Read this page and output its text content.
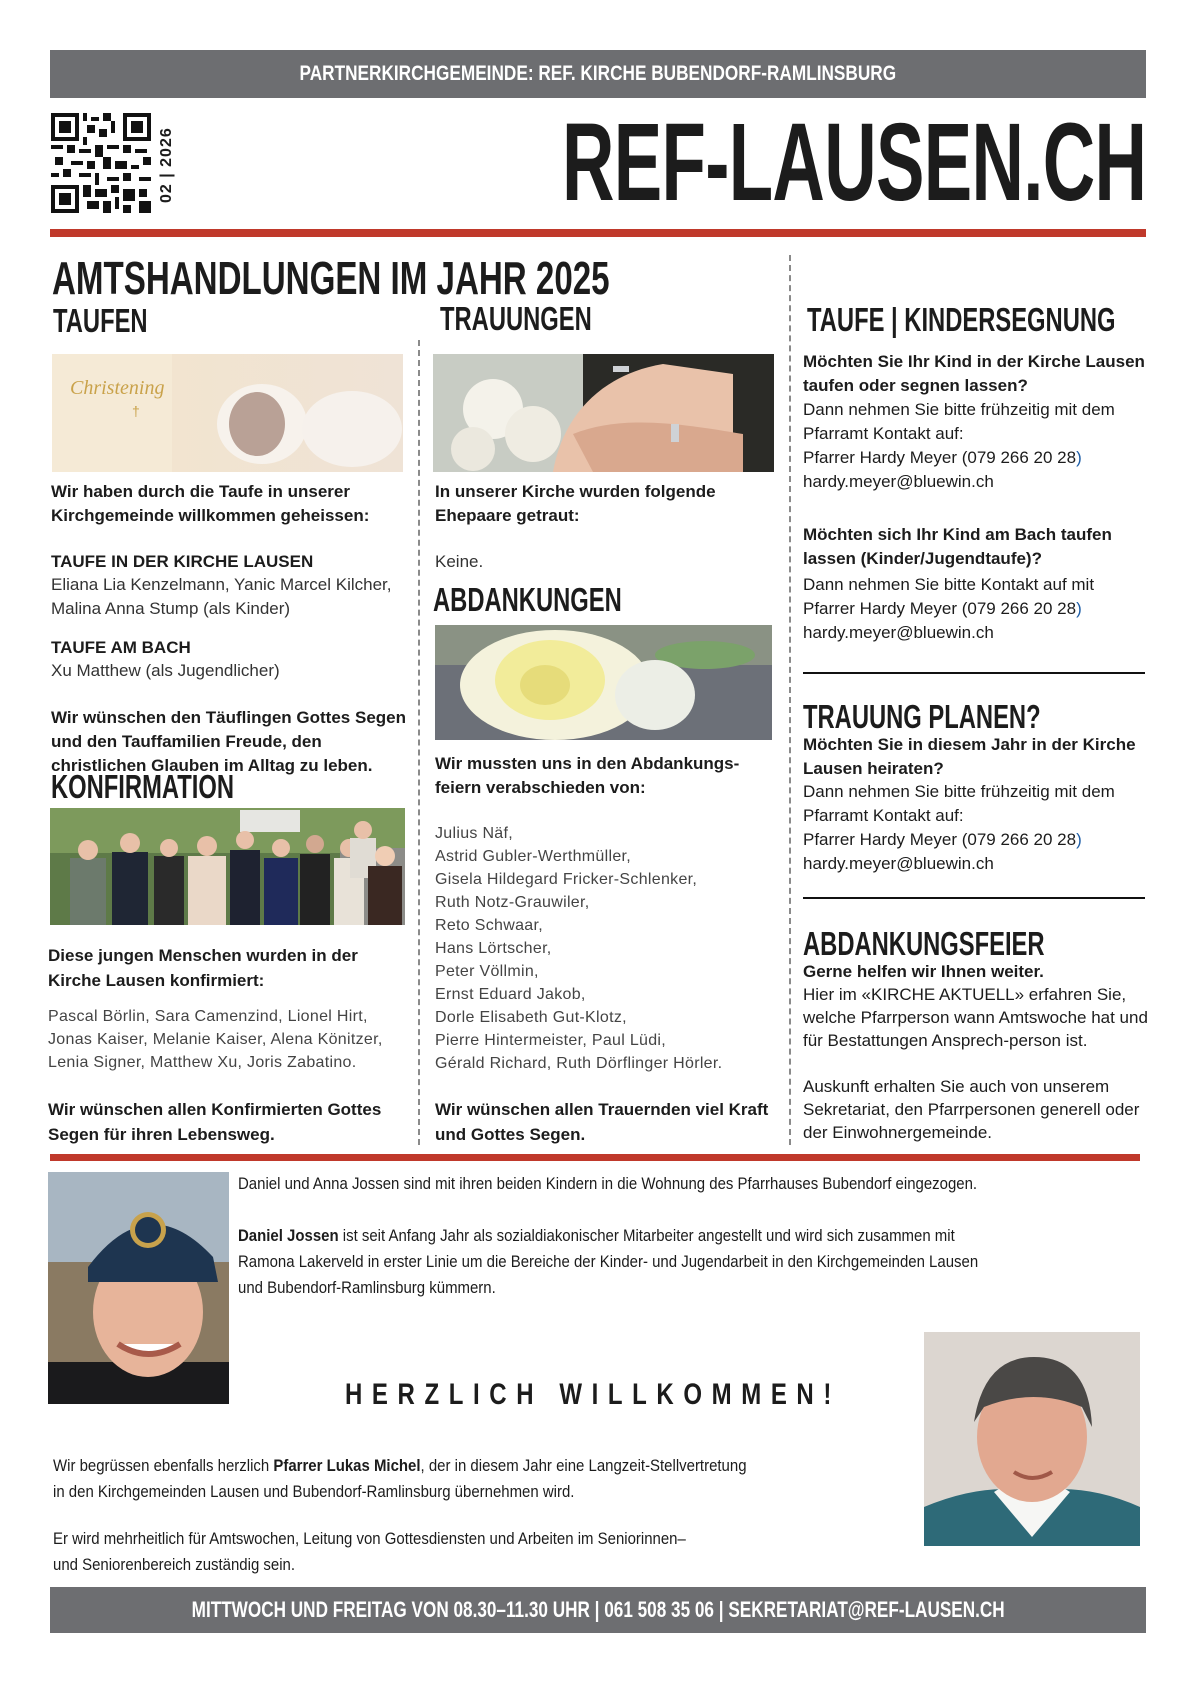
PARTNERKIRCHGEMEINDE: REF. KIRCHE BUBENDORF-RAMLINSBURG
02 | 2026	REF-LAUSEN.CH
AMTSHANDLUNGEN IM JAHR 2025
TAUFEN
Christening
†
Wir haben durch die Taufe in unserer Kirchgemeinde willkommen geheissen:
TAUFE IN DER KIRCHE LAUSEN
Eliana Lia Kenzelmann, Yanic Marcel Kilcher, Malina Anna Stump (als Kinder)
TAUFE AM BACH
Xu Matthew (als Jugendlicher)
Wir wünschen den Täuflingen Gottes Segen und den Tauffamilien Freude, den christlichen Glauben im Alltag zu leben.
KONFIRMATION
Diese jungen Menschen wurden in der Kirche Lausen konfirmiert:
Pascal Börlin, Sara Camenzind, Lionel Hirt, Jonas Kaiser, Melanie Kaiser, Alena Könitzer, Lenia Signer, Matthew Xu, Joris Zabatino.
Wir wünschen allen Konfirmierten Gottes Segen für ihren Lebensweg.
TRAUUNGEN
In unserer Kirche wurden folgende Ehepaare getraut:
Keine.
ABDANKUNGEN
Wir mussten uns in den Abdankungs-feiern verabschieden von:
Julius Näf,
Astrid Gubler-Werthmüller,
Gisela Hildegard Fricker-Schlenker,
Ruth Notz-Grauwiler,
Reto Schwaar,
Hans Lörtscher,
Peter Völlmin,
Ernst Eduard Jakob,
Dorle Elisabeth Gut-Klotz,
Pierre Hintermeister, Paul Lüdi,
Gérald Richard, Ruth Dörflinger Hörler.
Wir wünschen allen Trauernden viel Kraft und Gottes Segen.
TAUFE | KINDERSEGNUNG
Möchten Sie Ihr Kind in der Kirche Lausen taufen oder segnen lassen?
Dann nehmen Sie bitte frühzeitig mit dem Pfarramt Kontakt auf:
Pfarrer Hardy Meyer (079 266 20 28)
hardy.meyer@bluewin.ch
Möchten sich Ihr Kind am Bach taufen lassen (Kinder/Jugendtaufe)?
Dann nehmen Sie bitte Kontakt auf mit
Pfarrer Hardy Meyer (079 266 20 28)
hardy.meyer@bluewin.ch
TRAUUNG PLANEN?
Möchten Sie in diesem Jahr in der Kirche Lausen heiraten?
Dann nehmen Sie bitte frühzeitig mit dem Pfarramt Kontakt auf:
Pfarrer Hardy Meyer (079 266 20 28)
hardy.meyer@bluewin.ch
ABDANKUNGSFEIER
Gerne helfen wir Ihnen weiter.
Hier im «KIRCHE AKTUELL» erfahren Sie, welche Pfarrperson wann Amtswoche hat und für Bestattungen Ansprech-person ist.
Auskunft erhalten Sie auch von unserem Sekretariat, den Pfarrpersonen generell oder der Einwohnergemeinde.
Daniel und Anna Jossen sind mit ihren beiden Kindern in die Wohnung des Pfarrhauses Bubendorf eingezogen.
Daniel Jossen ist seit Anfang Jahr als sozialdiakonischer Mitarbeiter angestellt und wird sich zusammen mit
Ramona Lakerveld in erster Linie um die Bereiche der Kinder- und Jugendarbeit in den Kirchgemeinden Lausen
und Bubendorf-Ramlinsburg kümmern.
HERZLICH WILLKOMMEN!
Wir begrüssen ebenfalls herzlich Pfarrer Lukas Michel, der in diesem Jahr eine Langzeit-Stellvertretung
in den Kirchgemeinden Lausen und Bubendorf-Ramlinsburg übernehmen wird.
Er wird mehrheitlich für Amtswochen, Leitung von Gottesdiensten und Arbeiten im Seniorinnen–
und Seniorenbereich zuständig sein.
MITTWOCH UND FREITAG VON 08.30–11.30 UHR | 061 508 35 06 | SEKRETARIAT@REF-LAUSEN.CH
